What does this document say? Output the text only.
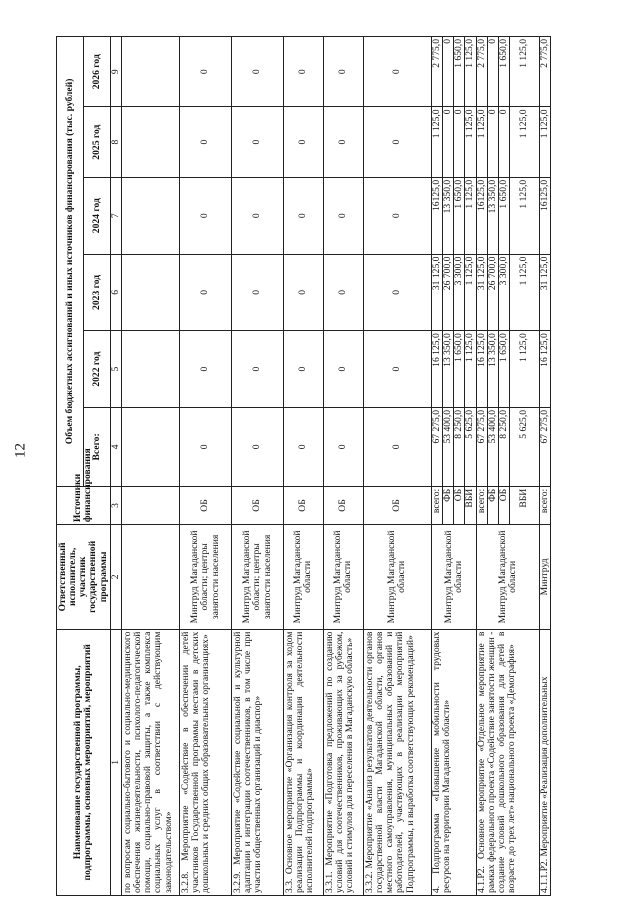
12
Наименование государственной программы, подпрограммы, основных мероприятий, мероприятий	Ответственный исполнитель, участник государственной программы	Источники финансирования	Объем бюджетных ассигнований и иных источников финансирования (тыс. рублей)					
			Всего:	2022 год	2023 год	2024 год	2025 год	2026 год
1	2	3	4	5	6	7	8	9
по вопросам социально-бытового и социально-медицинского обеспечения жизнедеятельности, психолого-педагогической помощи, социально-правовой защиты, а также комплекса социальных услуг в соответствии с действующим законодательством»								
3.2.8. Мероприятие «Содействие в обеспечении детей участников Государственной программы местами в детских дошкольных и средних общих образовательных организациях»	Минтруд Магаданской области; центры занятости населения	ОБ	0	0	0	0	0	0
3.2.9. Мероприятие «Содействие социальной и культурной адаптации и интеграции соотечественников, в том числе при участии общественных организаций и диаспор»	Минтруд Магаданской области; центры занятости населения	ОБ	0	0	0	0	0	0
3.3. Основное мероприятие «Организация контроля за ходом реализации Подпрограммы и координация деятельности исполнителей подпрограммы»	Минтруд Магаданской области	ОБ	0	0	0	0	0	0
3.3.1. Мероприятие «Подготовка предложений по созданию условий для соотечественников, проживающих за рубежом, условий и стимулов для переселения в Магаданскую область»	Минтруд Магаданской области	ОБ	0	0	0	0	0	0
3.3.2. Мероприятие «Анализ результатов деятельности органов государственной власти Магаданской области, органов местного самоуправления, муниципальных образований и работодателей, участвующих в реализации мероприятий Подпрограммы, и выработка соответствующих рекомендаций»	Минтруд Магаданской области	ОБ	0	0	0	0	0	0
4. Подпрограмма «Повышение мобильности трудовых ресурсов на территории Магаданской области»	Минтруд Магаданской области	всего:	67 275,0	16 125,0	31 125,0	16125,0	1 125,0	2 775,0
		ФБ	53 400,0	13 350,0	26 700,0	13 350,0	0	0
		ОБ	8 250,0	1 650,0	3 300,0	1 650,0	0	1 650,0
		ВБИ	5 625,0	1 125,0	1 125,0	1 125,0	1 125,0	1 125,0
4.1.Р2. Основное мероприятие «Отдельное мероприятие в рамках федерального проекта «Содействие занятости женщин - создание условий дошкольного образования для детей в возрасте до трех лет» национального проекта «Демография»	Минтруд Магаданской области	всего:	67 275,0	16 125,0	31 125,0	16125,0	1 125,0	2 775,0
		ФБ	53 400,0	13 350,0	26 700,0	13 350,0	0	0
		ОБ	8 250,0	1 650,0	3 300,0	1 650,0	0	1 650,0
		ВБИ	5 625,0	1 125,0	1 125,0	1 125,0	1 125,0	1 125,0
4.1.1.Р2. Мероприятие «Реализация дополнительных	Минтруд	всего:	67 275,0	16 125,0	31 125,0	16125,0	1 125,0	2 775,0
